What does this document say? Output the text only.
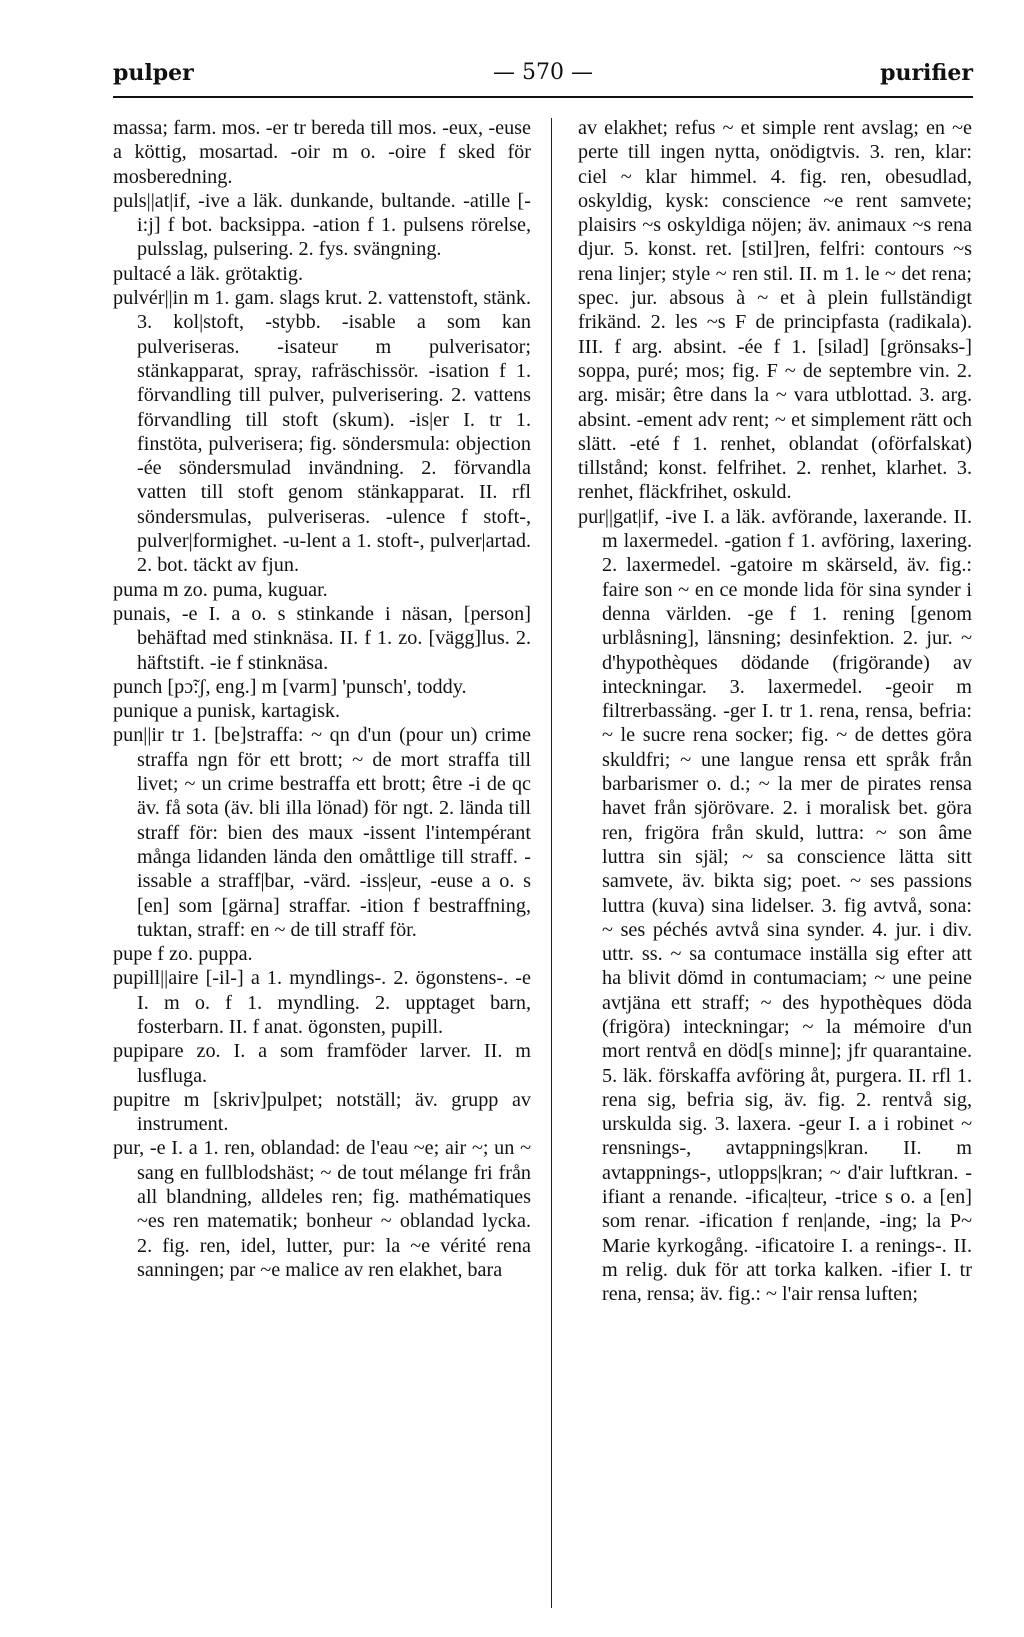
pulper	— 570 —	purifier

massa; farm. mos. -er tr bereda till mos. -eux, -euse a köttig, mosartad. -oir m o. -oire f sked för mosberedning.

puls||at|if, -ive a läk. dunkande, bultande. -atille [-i:j] f bot. backsippa. -ation f 1. pulsens rörelse, pulsslag, pulsering. 2. fys. svängning.

pultacé a läk. grötaktig.

pulvér||in m 1. gam. slags krut. 2. vattenstoft, stänk. 3. kol|stoft, -stybb. -isable a som kan pulveriseras. -isateur m pulverisator; stänkapparat, spray, rafräschissör. -isation f 1. förvandling till pulver, pulverisering. 2. vattens förvandling till stoft (skum). -is|er I. tr 1. finstöta, pulverisera; fig. söndersmula: objection -ée söndersmulad invändning. 2. förvandla vatten till stoft genom stänkapparat. II. rfl söndersmulas, pulveriseras. -ulence f stoft-, pulver|formighet. -u-lent a 1. stoft-, pulver|artad. 2. bot. täckt av fjun.

puma m zo. puma, kuguar.

punais, -e I. a o. s stinkande i näsan, [person] behäftad med stinknäsa. II. f 1. zo. [vägg]lus. 2. häftstift. -ie f stinknäsa.

punch [pɔ̃:ʃ, eng.] m [varm] 'punsch', toddy.

punique a punisk, kartagisk.

pun||ir tr 1. [be]straffa: ~ qn d'un (pour un) crime straffa ngn för ett brott; ~ de mort straffa till livet; ~ un crime bestraffa ett brott; être -i de qc äv. få sota (äv. bli illa lönad) för ngt. 2. lända till straff för: bien des maux -issent l'intempérant många lidanden lända den omåttlige till straff. -issable a straff|bar, -värd. -iss|eur, -euse a o. s [en] som [gärna] straffar. -ition f bestraffning, tuktan, straff: en ~ de till straff för.

pupe f zo. puppa.

pupill||aire [-il-] a 1. myndlings-. 2. ögonstens-. -e I. m o. f 1. myndling. 2. upptaget barn, fosterbarn. II. f anat. ögonsten, pupill.

pupipare zo. I. a som framföder larver. II. m lusfluga.

pupitre m [skriv]pulpet; notställ; äv. grupp av instrument.

pur, -e I. a 1. ren, oblandad: de l'eau ~e; air ~; un ~ sang en fullblodshäst; ~ de tout mélange fri från all blandning, alldeles ren; fig. mathématiques ~es ren matematik; bonheur ~ oblandad lycka. 2. fig. ren, idel, lutter, pur: la ~e vérité rena sanningen; par ~e malice av ren elakhet, bara

av elakhet; refus ~ et simple rent avslag; en ~e perte till ingen nytta, onödigtvis. 3. ren, klar: ciel ~ klar himmel. 4. fig. ren, obesudlad, oskyldig, kysk: conscience ~e rent samvete; plaisirs ~s oskyldiga nöjen; äv. animaux ~s rena djur. 5. konst. ret. [stil]ren, felfri: contours ~s rena linjer; style ~ ren stil. II. m 1. le ~ det rena; spec. jur. absous à ~ et à plein fullständigt frikänd. 2. les ~s F de principfasta (radikala). III. f arg. absint. -ée f 1. [silad] [grönsaks-] soppa, puré; mos; fig. F ~ de septembre vin. 2. arg. misär; être dans la ~ vara utblottad. 3. arg. absint. -ement adv rent; ~ et simplement rätt och slätt. -eté f 1. renhet, oblandat (oförfalskat) tillstånd; konst. felfrihet. 2. renhet, klarhet. 3. renhet, fläckfrihet, oskuld.

pur||gat|if, -ive I. a läk. avförande, laxerande. II. m laxermedel. -gation f 1. avföring, laxering. 2. laxermedel. -gatoire m skärseld, äv. fig.: faire son ~ en ce monde lida för sina synder i denna världen. -ge f 1. rening [genom urblåsning], länsning; desinfektion. 2. jur. ~ d'hypothèques dödande (frigörande) av inteckningar. 3. laxermedel. -geoir m filtrerbassäng. -ger I. tr 1. rena, rensa, befria: ~ le sucre rena socker; fig. ~ de dettes göra skuldfri; ~ une langue rensa ett språk från barbarismer o. d.; ~ la mer de pirates rensa havet från sjörövare. 2. i moralisk bet. göra ren, frigöra från skuld, luttra: ~ son âme luttra sin själ; ~ sa conscience lätta sitt samvete, äv. bikta sig; poet. ~ ses passions luttra (kuva) sina lidelser. 3. fig avtvå, sona: ~ ses péchés avtvå sina synder. 4. jur. i div. uttr. ss. ~ sa contumace inställa sig efter att ha blivit dömd in contumaciam; ~ une peine avtjäna ett straff; ~ des hypothèques döda (frigöra) inteckningar; ~ la mémoire d'un mort rentvå en död[s minne]; jfr quarantaine. 5. läk. förskaffa avföring åt, purgera. II. rfl 1. rena sig, befria sig, äv. fig. 2. rentvå sig, urskulda sig. 3. laxera. -geur I. a i robinet ~ rensnings-, avtappnings|kran. II. m avtappnings-, utlopps|kran; ~ d'air luftkran. -ifiant a renande. -ifica|teur, -trice s o. a [en] som renar. -ification f ren|ande, -ing; la P~ Marie kyrkogång. -ificatoire I. a renings-. II. m relig. duk för att torka kalken. -ifier I. tr rena, rensa; äv. fig.: ~ l'air rensa luften;
